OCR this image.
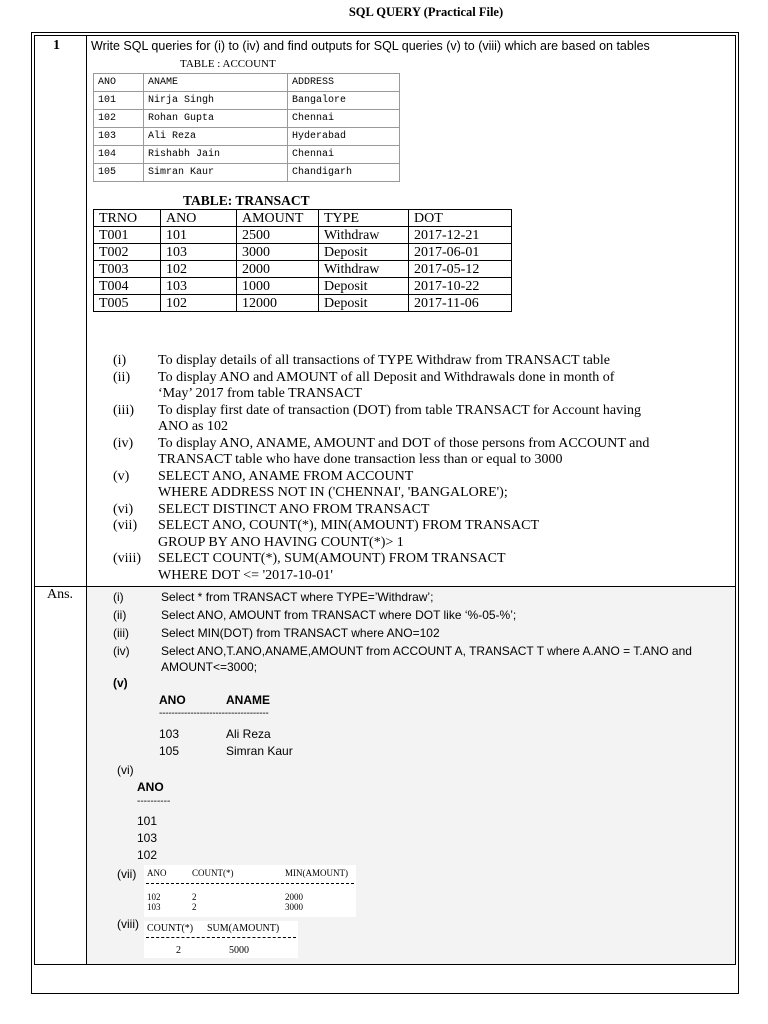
SQL QUERY (Practical File)
1 Write SQL queries for (i) to (iv) and find outputs for SQL queries (v) to (viii) which are based on tables
TABLE : ACCOUNT
ANO	ANAME	ADDRESS
101	Nirja Singh	Bangalore
102	Rohan Gupta	Chennai
103	Ali Reza	Hyderabad
104	Rishabh Jain	Chennai
105	Simran Kaur	Chandigarh
TABLE: TRANSACT
TRNO	ANO	AMOUNT	TYPE	DOT
T001	101	2500	Withdraw	2017-12-21
T002	103	3000	Deposit	2017-06-01
T003	102	2000	Withdraw	2017-05-12
T004	103	1000	Deposit	2017-10-22
T005	102	12000	Deposit	2017-11-06
(i)	To display details of all transactions of TYPE Withdraw from TRANSACT table
(ii)	To display ANO and AMOUNT of all Deposit and Withdrawals done in month of
‘May’ 2017 from table TRANSACT
(iii)	To display first date of transaction (DOT) from table TRANSACT for Account having
ANO as 102
(iv)	To display ANO, ANAME, AMOUNT and DOT of those persons from ACCOUNT and
TRANSACT table who have done transaction less than or equal to 3000
(v)	SELECT ANO, ANAME FROM ACCOUNT
WHERE ADDRESS NOT IN ('CHENNAI', 'BANGALORE');
(vi)	SELECT DISTINCT ANO FROM TRANSACT
(vii)	SELECT ANO, COUNT(*), MIN(AMOUNT) FROM TRANSACT
GROUP BY ANO HAVING COUNT(*)> 1
(viii)	SELECT COUNT(*), SUM(AMOUNT) FROM TRANSACT
WHERE DOT <= '2017-10-01'
Ans.	(i)	Select * from TRANSACT where TYPE=’Withdraw’;
(ii)	Select ANO, AMOUNT from TRANSACT where DOT like ‘%-05-%’;
(iii)	Select MIN(DOT) from TRANSACT where ANO=102
(iv)	Select ANO,T.ANO,ANAME,AMOUNT from ACCOUNT A, TRANSACT T where A.ANO = T.ANO and
AMOUNT<=3000;
(v)
ANO	ANAME
-----------------------------------
103	Ali Reza
105	Simran Kaur
(vi)
ANO
----------
101
103
102
(vii) ANO	COUNT(*)	MIN(AMOUNT)
102	2	2000
103	2	3000
(viii) COUNT(*) SUM(AMOUNT)
2	5000
